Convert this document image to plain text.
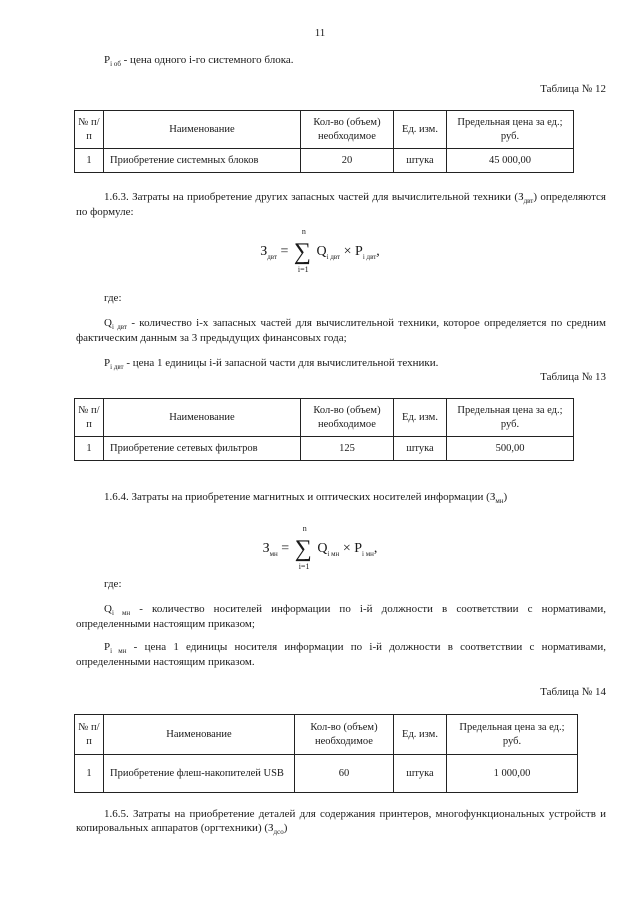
11
$P_{i об}$ - цена одного i-го системного блока.
Таблица № 12
№ п/п	Наименование	Кол-во (объем) необходимое	Ед. изм.	Предельная цена за ед.; руб.
1	Приобретение системных блоков	20	штука	45 000,00
1.6.3. Затраты на приобретение других запасных частей для вычислительной техники $(З_{двт})$ определяются по формуле:
$З_{двт}$ = ∑
n
i=1
$Q_{i двт} \times P_{i двт}$,
где:
$Q_{i двт}$ - количество i-х запасных частей для вычислительной техники, которое определяется по средним фактическим данным за 3 предыдущих финансовых года;
$P_{i двт}$ - цена 1 единицы i-й запасной части для вычислительной техники.
Таблица № 13
№ п/п	Наименование	Кол-во (объем) необходимое	Ед. изм.	Предельная цена за ед.; руб.
1	Приобретение сетевых фильтров	125	штука	500,00
1.6.4. Затраты на приобретение магнитных и оптических носителей информации $(З_{мн})$
$З_{мн}$ = ∑
n
i=1
$Q_{i мн} \times P_{i мн}$,
где:
$Q_{i мн}$ - количество носителей информации по i-й должности в соответствии с нормативами, определенными настоящим приказом;
$P_{i мн}$ - цена 1 единицы носителя информации по i-й должности в соответствии с нормативами, определенными настоящим приказом.
Таблица № 14
№ п/п	Наименование	Кол-во (объем) необходимое	Ед. изм.	Предельная цена за ед.; руб.
1	Приобретение флеш-накопителей USB	60	штука	1 000,00
1.6.5. Затраты на приобретение деталей для содержания принтеров, многофункциональных устройств и копировальных аппаратов (оргтехники) $(З_{дсо})$
